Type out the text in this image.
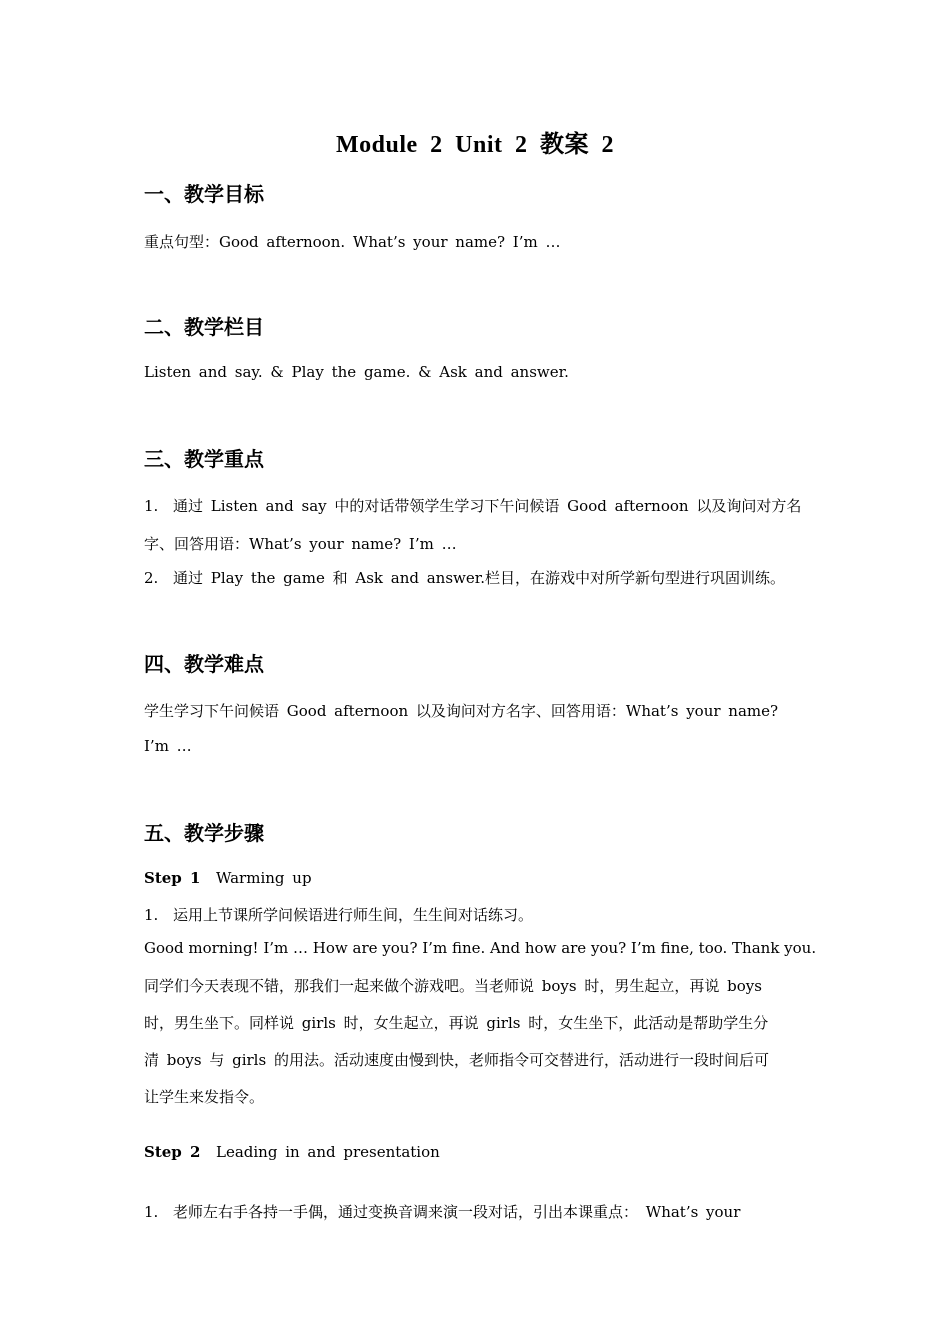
Module 2 Unit 2 教案 2
一、教学目标
重点句型：Good afternoon. What’s your name? I’m …
二、教学栏目
Listen and say. & Play the game. & Ask and answer.
三、教学重点
1. 通过 Listen and say 中的对话带领学生学习下午问候语 Good afternoon 以及询问对方名
字、回答用语：What’s your name? I’m …
2. 通过 Play the game 和 Ask and answer.栏目，在游戏中对所学新句型进行巩固训练。
四、教学难点
学生学习下午问候语 Good afternoon 以及询问对方名字、回答用语：What’s your name?
I’m …
五、教学步骤
Step 1 Warming up
1. 运用上节课所学问候语进行师生间，生生间对话练习。
Good morning! I’m … How are you? I’m fine. And how are you? I’m fine, too. Thank you.
同学们今天表现不错，那我们一起来做个游戏吧。当老师说 boys 时，男生起立，再说 boys
时，男生坐下。同样说 girls 时，女生起立，再说 girls 时，女生坐下，此活动是帮助学生分
清 boys 与 girls 的用法。活动速度由慢到快，老师指令可交替进行，活动进行一段时间后可
让学生来发指令。
Step 2 Leading in and presentation
1. 老师左右手各持一手偶，通过变换音调来演一段对话，引出本课重点： What’s your
